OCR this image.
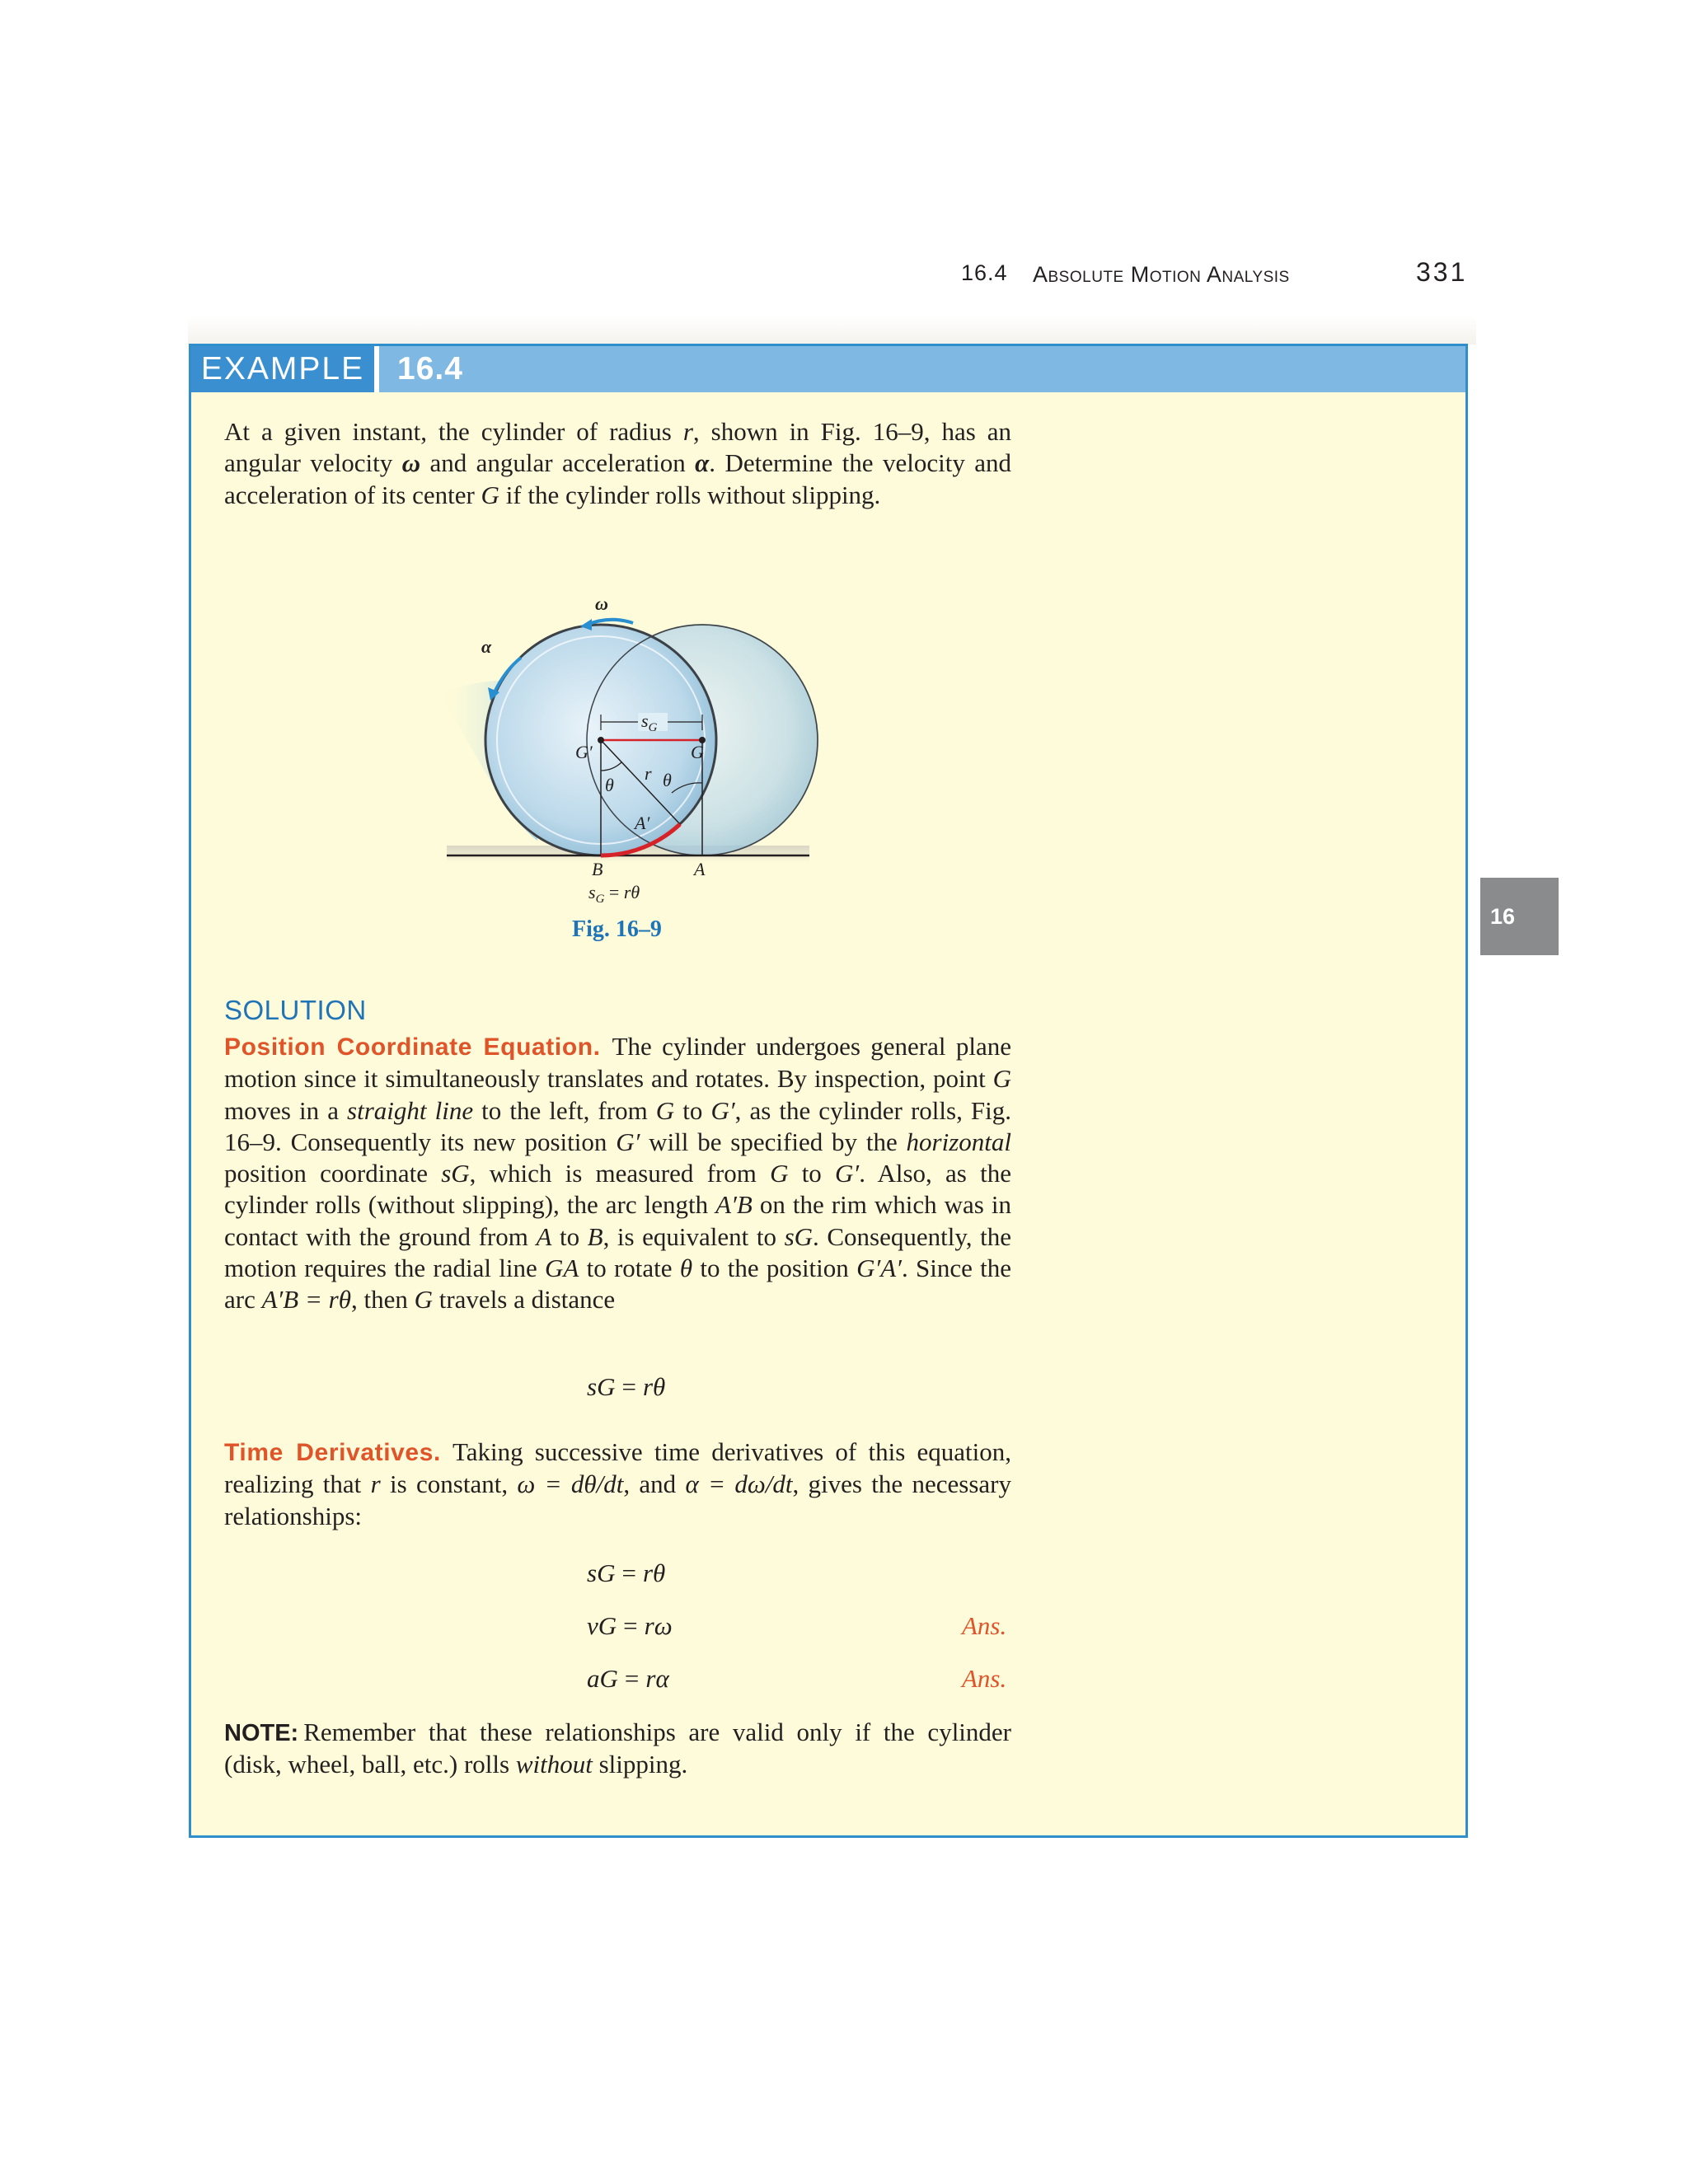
16.4 Absolute Motion Analysis	331
EXAMPLE	16.4
At a given instant, the cylinder of radius r, shown in Fig. 16–9, has an angular velocity ω and angular acceleration α. Determine the velocity and acceleration of its center G if the cylinder rolls without slipping.
ω
α
$s_G$
G′	G
r
θ	θ
A′
B	A
$s_G = r\theta$
Fig. 16–9
SOLUTION
Position Coordinate Equation. The cylinder undergoes general plane motion since it simultaneously translates and rotates. By inspection, point G moves in a straight line to the left, from G to G′, as the cylinder rolls, Fig. 16–9. Consequently its new position G′ will be specified by the horizontal position coordinate sG, which is measured from G to G′. Also, as the cylinder rolls (without slipping), the arc length A′B on the rim which was in contact with the ground from A to B, is equivalent to sG. Consequently, the motion requires the radial line GA to rotate θ to the position G′A′. Since the arc A′B = rθ, then G travels a distance
sG = rθ
Time Derivatives. Taking successive time derivatives of this equation, realizing that r is constant, ω = dθ/dt, and α = dω/dt, gives the necessary relationships:
sG = rθ
vG = rω	Ans.
aG = rα	Ans.
NOTE: Remember that these relationships are valid only if the cylinder (disk, wheel, ball, etc.) rolls without slipping.
16
